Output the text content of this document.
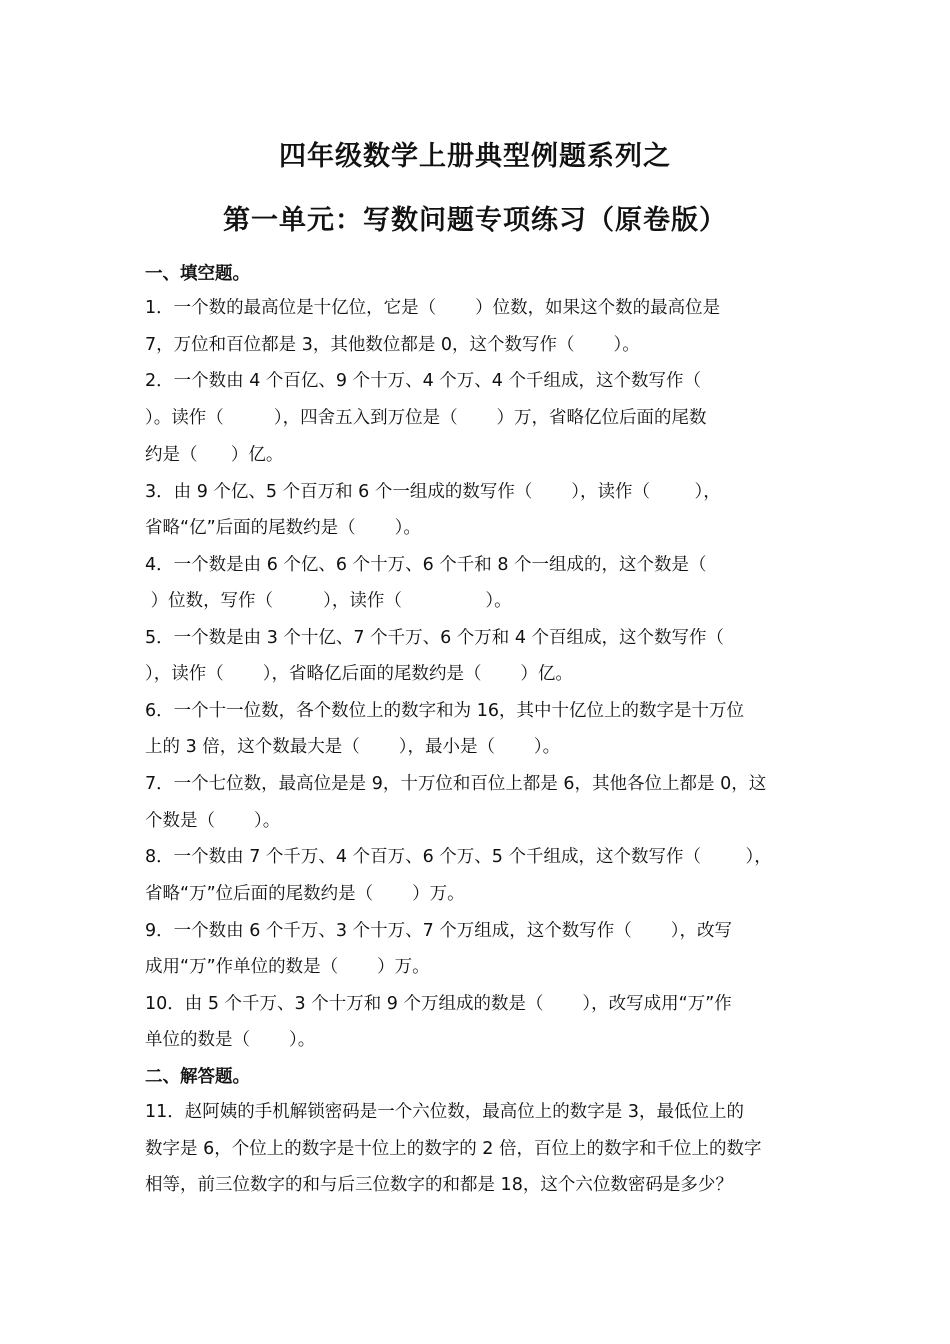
四年级数学上册典型例题系列之
第一单元：写数问题专项练习（原卷版）
一、填空题。
1．一个数的最高位是十亿位，它是（       ）位数，如果这个数的最高位是
7，万位和百位都是 3，其他数位都是 0，这个数写作（       ）。
2．一个数由 4 个百亿、9 个十万、4 个万、4 个千组成，这个数写作（
）。读作（         ），四舍五入到万位是（       ）万，省略亿位后面的尾数
约是（      ）亿。
3．由 9 个亿、5 个百万和 6 个一组成的数写作（       ），读作（        ），
省略“亿”后面的尾数约是（       ）。
4．一个数是由 6 个亿、6 个十万、6 个千和 8 个一组成的，这个数是（
）位数，写作（         ），读作（               ）。
5．一个数是由 3 个十亿、7 个千万、6 个万和 4 个百组成，这个数写作（
），读作（       ），省略亿后面的尾数约是（       ）亿。
6．一个十一位数，各个数位上的数字和为 16，其中十亿位上的数字是十万位
上的 3 倍，这个数最大是（       ），最小是（       ）。
7．一个七位数，最高位是是 9，十万位和百位上都是 6，其他各位上都是 0，这
个数是（       ）。
8．一个数由 7 个千万、4 个百万、6 个万、5 个千组成，这个数写作（        ），
省略“万”位后面的尾数约是（       ）万。
9．一个数由 6 个千万、3 个十万、7 个万组成，这个数写作（       ），改写
成用“万”作单位的数是（       ）万。
10．由 5 个千万、3 个十万和 9 个万组成的数是（       ），改写成用“万”作
单位的数是（       ）。
二、解答题。
11．赵阿姨的手机解锁密码是一个六位数，最高位上的数字是 3，最低位上的
数字是 6，个位上的数字是十位上的数字的 2 倍，百位上的数字和千位上的数字
相等，前三位数字的和与后三位数字的和都是 18，这个六位数密码是多少？
